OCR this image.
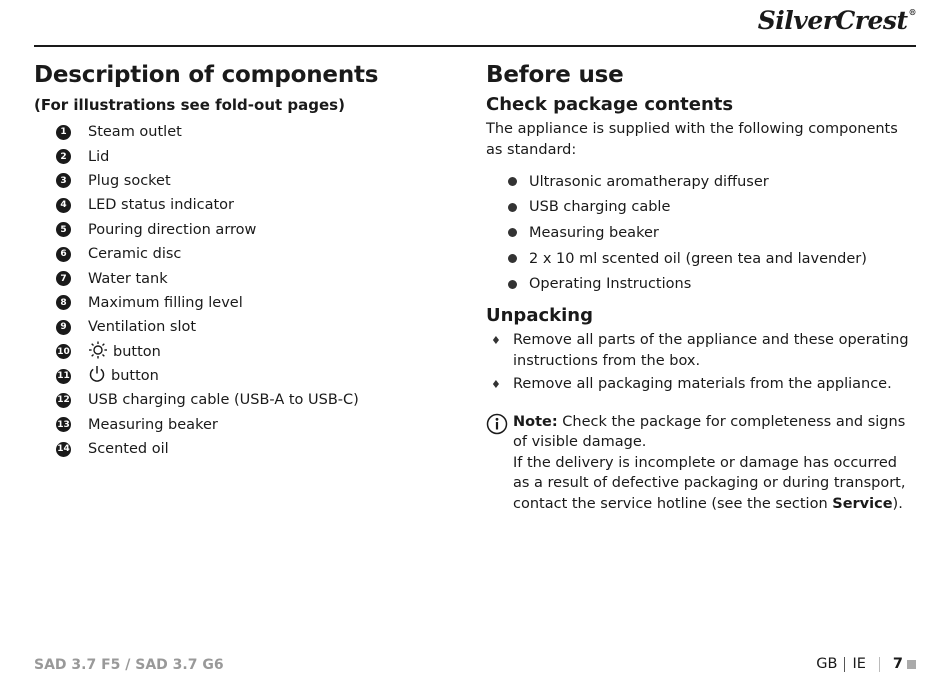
SilverCrest®
Description of components
(For illustrations see fold-out pages)
1	Steam outlet
2	Lid
3	Plug socket
4	LED status indicator
5	Pouring direction arrow
6	Ceramic disc
7	Water tank
8	Maximum filling level
9	Ventilation slot
10	button
11	button
12 USB charging cable (USB-A to USB-C)
13 Measuring beaker
14 Scented oil
Before use
Check package contents

The appliance is supplied with the following components as standard:

Ultrasonic aromatherapy diffuser
USB charging cable
Measuring beaker
2 x 10 ml scented oil (green tea and lavender)
Operating Instructions
Unpacking
♦ Remove all parts of the appliance and these operating instructions from the box.
♦ Remove all packaging materials from the appliance.

Note: Check the package for completeness and signs of visible damage.

If the delivery is incomplete or damage has occurred as a result of defective packaging or during transport, contact the service hotline (see the section Service).

SAD 3.7 F5 / SAD 3.7 G6	GB IE 7
